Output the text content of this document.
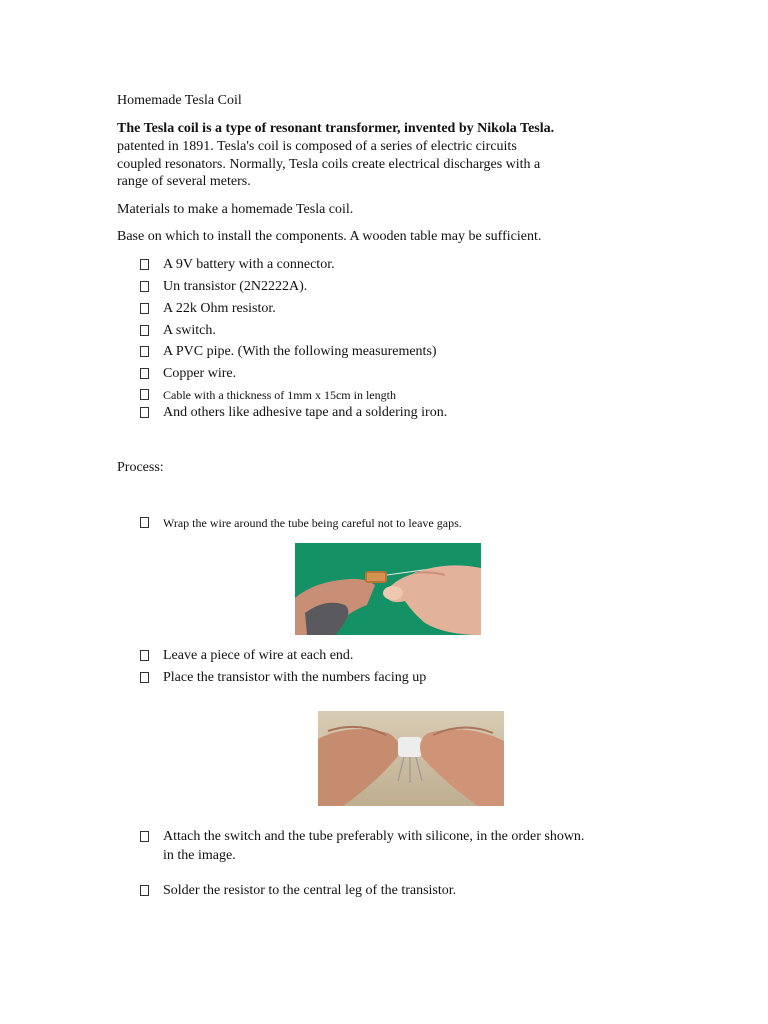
Homemade Tesla Coil
The Tesla coil is a type of resonant transformer, invented by Nikola Tesla.
patented in 1891. Tesla's coil is composed of a series of electric circuits
coupled resonators. Normally, Tesla coils create electrical discharges with a
range of several meters.
Materials to make a homemade Tesla coil.
Base on which to install the components. A wooden table may be sufficient.
A 9V battery with a connector.
Un transistor (2N2222A).
A 22k Ohm resistor.
A switch.
A PVC pipe. (With the following measurements)
Copper wire.
Cable with a thickness of 1mm x 15cm in length
And others like adhesive tape and a soldering iron.
Process:
Wrap the wire around the tube being careful not to leave gaps.
Leave a piece of wire at each end.
Place the transistor with the numbers facing up
Attach the switch and the tube preferably with silicone, in the order shown.
in the image.
Solder the resistor to the central leg of the transistor.
